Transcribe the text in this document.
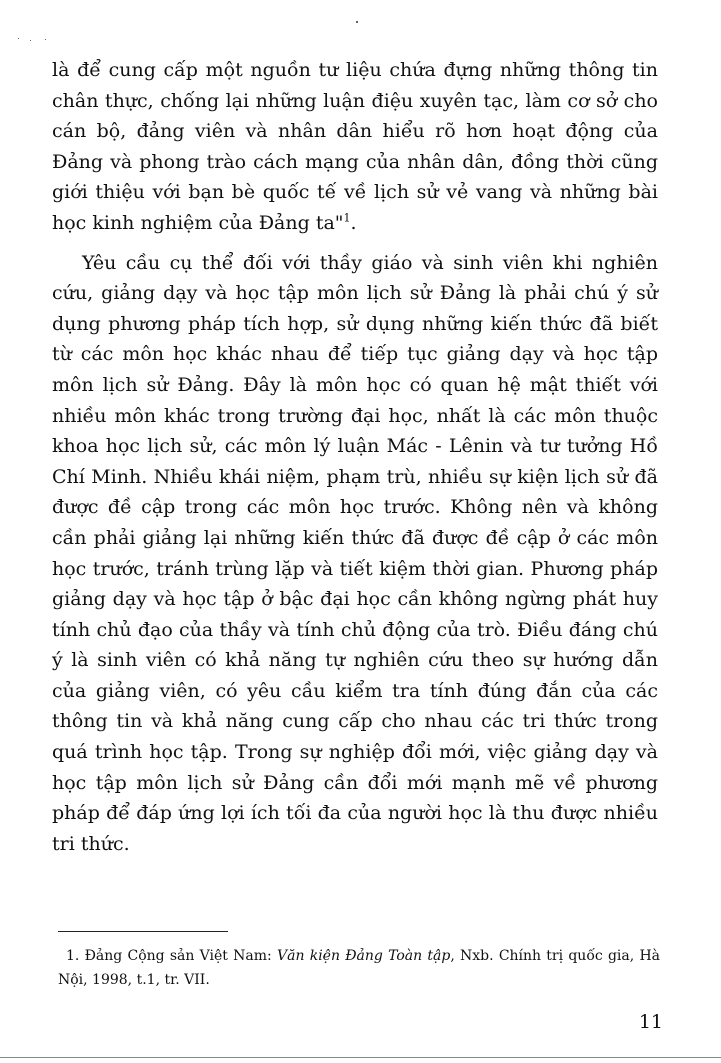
là để cung cấp một nguồn tư liệu chứa đựng những thông tin chân thực, chống lại những luận điệu xuyên tạc, làm cơ sở cho cán bộ, đảng viên và nhân dân hiểu rõ hơn hoạt động của Đảng và phong trào cách mạng của nhân dân, đồng thời cũng giới thiệu với bạn bè quốc tế về lịch sử vẻ vang và những bài học kinh nghiệm của Đảng ta"$^1$.

Yêu cầu cụ thể đối với thầy giáo và sinh viên khi nghiên cứu, giảng dạy và học tập môn lịch sử Đảng là phải chú ý sử dụng phương pháp tích hợp, sử dụng những kiến thức đã biết từ các môn học khác nhau để tiếp tục giảng dạy và học tập môn lịch sử Đảng. Đây là môn học có quan hệ mật thiết với nhiều môn khác trong trường đại học, nhất là các môn thuộc khoa học lịch sử, các môn lý luận Mác - Lênin và tư tưởng Hồ Chí Minh. Nhiều khái niệm, phạm trù, nhiều sự kiện lịch sử đã được đề cập trong các môn học trước. Không nên và không cần phải giảng lại những kiến thức đã được đề cập ở các môn học trước, tránh trùng lặp và tiết kiệm thời gian. Phương pháp giảng dạy và học tập ở bậc đại học cần không ngừng phát huy tính chủ đạo của thầy và tính chủ động của trò. Điều đáng chú ý là sinh viên có khả năng tự nghiên cứu theo sự hướng dẫn của giảng viên, có yêu cầu kiểm tra tính đúng đắn của các thông tin và khả năng cung cấp cho nhau các tri thức trong quá trình học tập. Trong sự nghiệp đổi mới, việc giảng dạy và học tập môn lịch sử Đảng cần đổi mới mạnh mẽ về phương pháp để đáp ứng lợi ích tối đa của người học là thu được nhiều tri thức.

1. Đảng Cộng sản Việt Nam: Văn kiện Đảng Toàn tập, Nxb. Chính trị quốc gia, Hà Nội, 1998, t.1, tr. VII.
11
